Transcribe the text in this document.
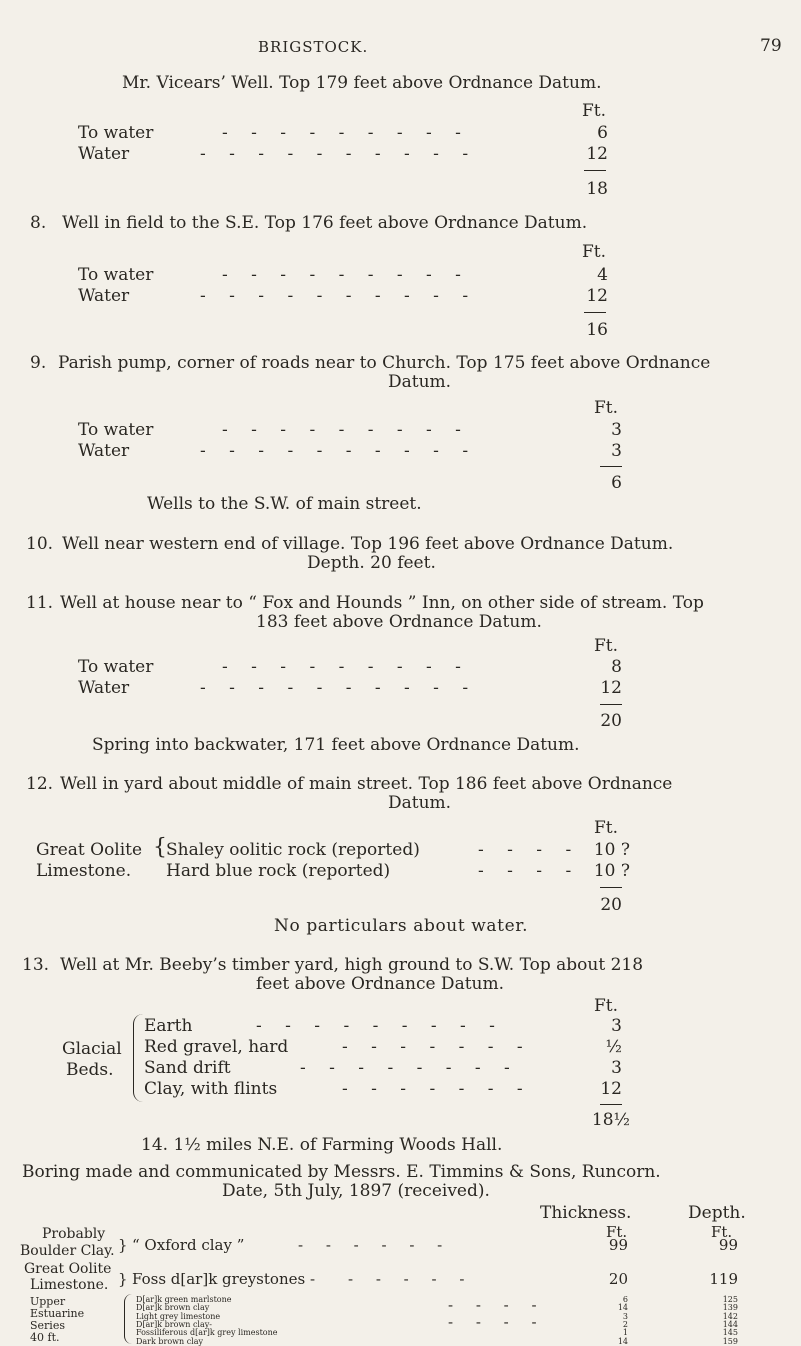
BRIGSTOCK.	79
Mr. Vicears’ Well. Top 179 feet above Ordnance Datum.
Ft.
To water	- - - - - - - - -	6
Water	- - - - - - - - - -	12
18
8. Well in field to the S.E. Top 176 feet above Ordnance Datum.
Ft.
To water	- - - - - - - - -	4
Water	- - - - - - - - - -	12
16
9. Parish pump, corner of roads near to Church. Top 175 feet above Ordnance
Datum.
Ft.
To water	- - - - - - - - -	3
Water	- - - - - - - - - -	3
6
Wells to the S.W. of main street.
10. Well near western end of village. Top 196 feet above Ordnance Datum.
Depth. 20 feet.
11. Well at house near to “ Fox and Hounds ” Inn, on other side of stream. Top
183 feet above Ordnance Datum.
Ft.
To water	- - - - - - - - -	8
Water	- - - - - - - - - -	12
20
Spring into backwater, 171 feet above Ordnance Datum.
12. Well in yard about middle of main street. Top 186 feet above Ordnance
Datum.
Ft.
Great Oolite
Limestone.
{ Shaley oolitic rock (reported)	- - - - 10 ?
Hard blue rock (reported)	- - - - 10 ?
20
No particulars about water.
13. Well at Mr. Beeby’s timber yard, high ground to S.W. Top about 218
feet above Ordnance Datum.
Ft.
Glacial
Beds.
Earth	- - - - - - - - -	3
Red gravel, hard	- - - - - - -	½
Sand drift	- - - - - - - -	3
Clay, with flints	- - - - - - -	12
18½
14. 1½ miles N.E. of Farming Woods Hall.
Boring made and communicated by Messrs. E. Timmins & Sons, Runcorn.
Date, 5th July, 1897 (received).
Thickness.	Depth.
Ft.	Ft.
Probably
Boulder Clay. } “ Oxford clay ”	- - - - - -	99	99
Great Oolite
Limestone. } Foss d[ar]k greystones - - - - - -	20	119
- - - -
- - - -
D[ar]k green marlstone	6	125
D[ar]k brown clay	14	139
Light grey limestone	3	142
D[ar]k brown clay-	2	144
Fossiliferous d[ar]k grey limestone	1	145
Dark brown clay	14	159
Upper
Estuarine
Series
40 ft.
